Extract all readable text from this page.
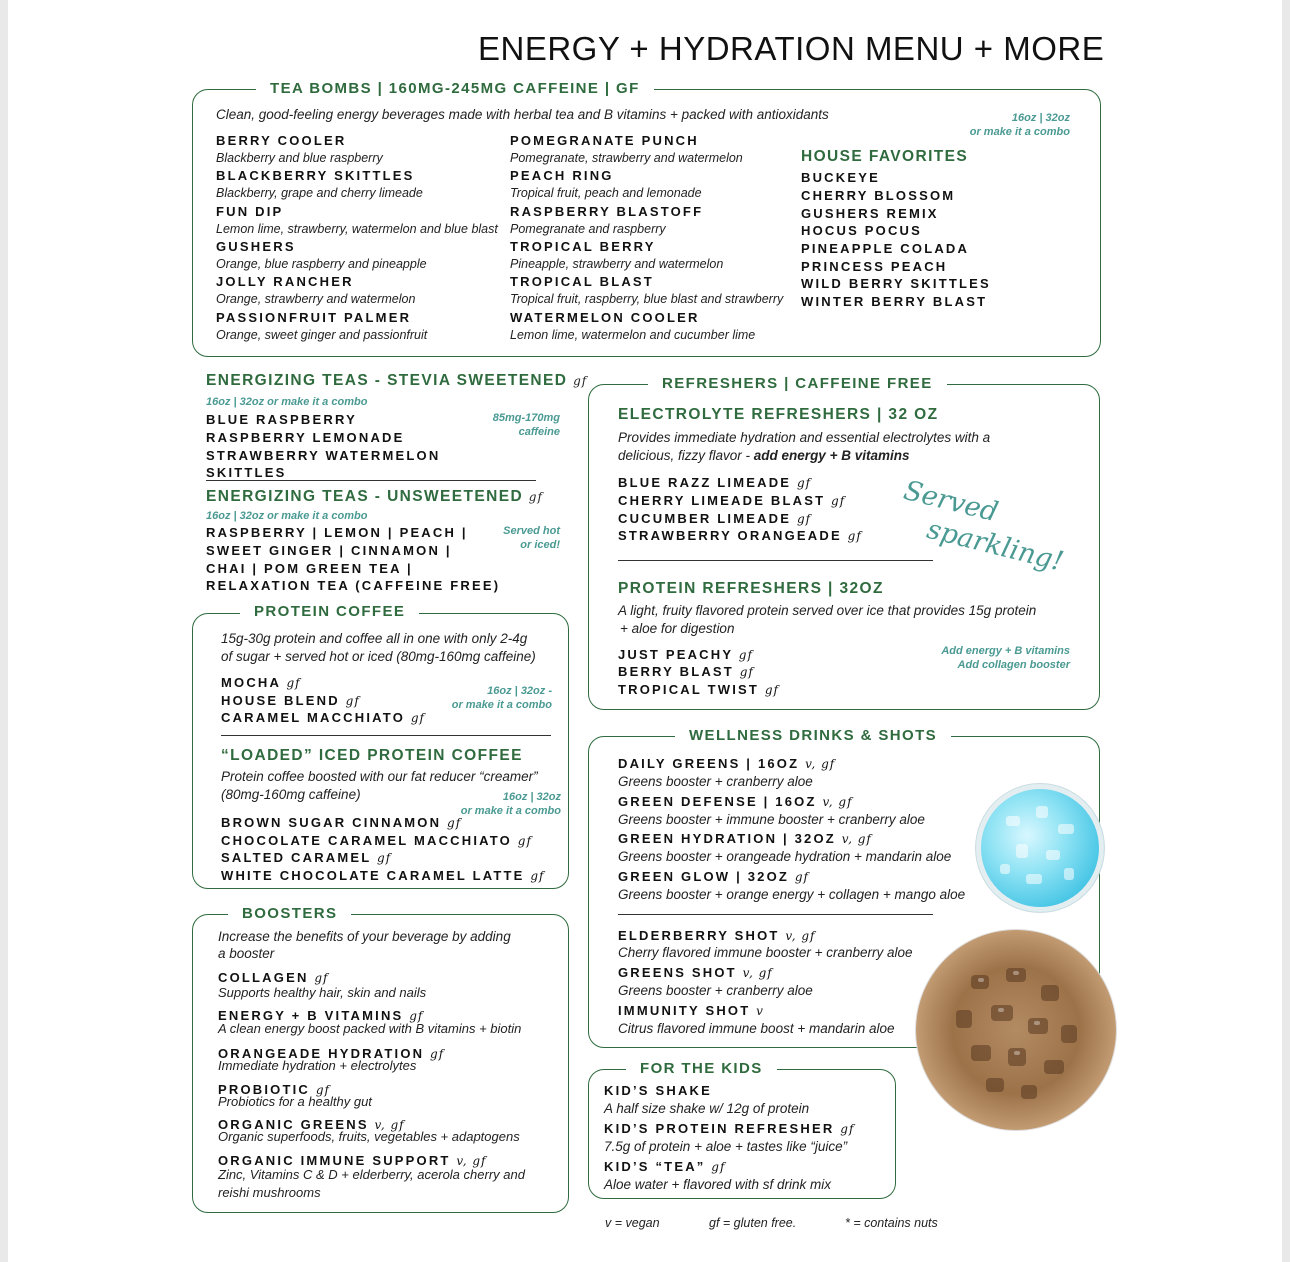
ENERGY + HYDRATION MENU + MORE
TEA BOMBS | 160MG-245MG CAFFEINE | GF
Clean, good-feeling energy beverages made with herbal tea and B vitamins + packed with antioxidants	16oz | 32oz
or make it a combo
BERRY COOLER
Blackberry and blue raspberry
BLACKBERRY SKITTLES
Blackberry, grape and cherry limeade
FUN DIP
Lemon lime, strawberry, watermelon and blue blast
GUSHERS
Orange, blue raspberry and pineapple
JOLLY RANCHER
Orange, strawberry and watermelon
PASSIONFRUIT PALMER
Orange, sweet ginger and passionfruit
POMEGRANATE PUNCH
Pomegranate, strawberry and watermelon
PEACH RING
Tropical fruit, peach and lemonade
RASPBERRY BLASTOFF
Pomegranate and raspberry
TROPICAL BERRY
Pineapple, strawberry and watermelon
TROPICAL BLAST
Tropical fruit, raspberry, blue blast and strawberry
WATERMELON COOLER
Lemon lime, watermelon and cucumber lime
HOUSE FAVORITES
BUCKEYE
CHERRY BLOSSOM
GUSHERS REMIX
HOCUS POCUS
PINEAPPLE COLADA
PRINCESS PEACH
WILD BERRY SKITTLES
WINTER BERRY BLAST
ENERGIZING TEAS - STEVIA SWEETENED gf
16oz | 32oz or make it a combo
85mg-170mg
caffeine
BLUE RASPBERRY
RASPBERRY LEMONADE
STRAWBERRY WATERMELON
SKITTLES
ENERGIZING TEAS - UNSWEETENED gf
16oz | 32oz or make it a combo
Served hot
or iced!
RASPBERRY | LEMON | PEACH |
SWEET GINGER | CINNAMON |
CHAI | POM GREEN TEA |
RELAXATION TEA (CAFFEINE FREE)
PROTEIN COFFEE
15g-30g protein and coffee all in one with only 2-4g
of sugar + served hot or iced (80mg-160mg caffeine)
16oz | 32oz -
or make it a combo
MOCHA gf
HOUSE BLEND gf
CARAMEL MACCHIATO gf
“LOADED” ICED PROTEIN COFFEE
Protein coffee boosted with our fat reducer “creamer”
(80mg-160mg caffeine)	16oz | 32oz
or make it a combo
BROWN SUGAR CINNAMON gf
CHOCOLATE CARAMEL MACCHIATO gf
SALTED CARAMEL gf
WHITE CHOCOLATE CARAMEL LATTE gf
BOOSTERS
Increase the benefits of your beverage by adding
a booster
COLLAGEN gf
Supports healthy hair, skin and nails
ENERGY + B VITAMINS gf
A clean energy boost packed with B vitamins + biotin
ORANGEADE HYDRATION gf
Immediate hydration + electrolytes
PROBIOTIC gf
Probiotics for a healthy gut
ORGANIC GREENS v, gf
Organic superfoods, fruits, vegetables + adaptogens
ORGANIC IMMUNE SUPPORT v, gf
Zinc, Vitamins C & D + elderberry, acerola cherry and
reishi mushrooms
REFRESHERS | CAFFEINE FREE
ELECTROLYTE REFRESHERS | 32 OZ
Provides immediate hydration and essential electrolytes with a
delicious, fizzy flavor - add energy + B vitamins
BLUE RAZZ LIMEADE gf
CHERRY LIMEADE BLAST gf
CUCUMBER LIMEADE gf
STRAWBERRY ORANGEADE gf
Served
sparkling!
PROTEIN REFRESHERS | 32OZ
A light, fruity flavored protein served over ice that provides 15g protein
+ aloe for digestion
Add energy + B vitamins
Add collagen booster
JUST PEACHY gf
BERRY BLAST gf
TROPICAL TWIST gf
WELLNESS DRINKS & SHOTS
DAILY GREENS | 16OZ v, gf
Greens booster + cranberry aloe
GREEN DEFENSE | 16OZ v, gf
Greens booster + immune booster + cranberry aloe
GREEN HYDRATION | 32OZ v, gf
Greens booster + orangeade hydration + mandarin aloe
GREEN GLOW | 32OZ gf
Greens booster + orange energy + collagen + mango aloe
ELDERBERRY SHOT v, gf
Cherry flavored immune booster + cranberry aloe
GREENS SHOT v, gf
Greens booster + cranberry aloe
IMMUNITY SHOT v
Citrus flavored immune boost + mandarin aloe
FOR THE KIDS
KID’S SHAKE
A half size shake w/ 12g of protein
KID’S PROTEIN REFRESHER gf
7.5g of protein + aloe + tastes like “juice”
KID’S “TEA” gf
Aloe water + flavored with sf drink mix
v = vegan	gf = gluten free.	* = contains nuts
